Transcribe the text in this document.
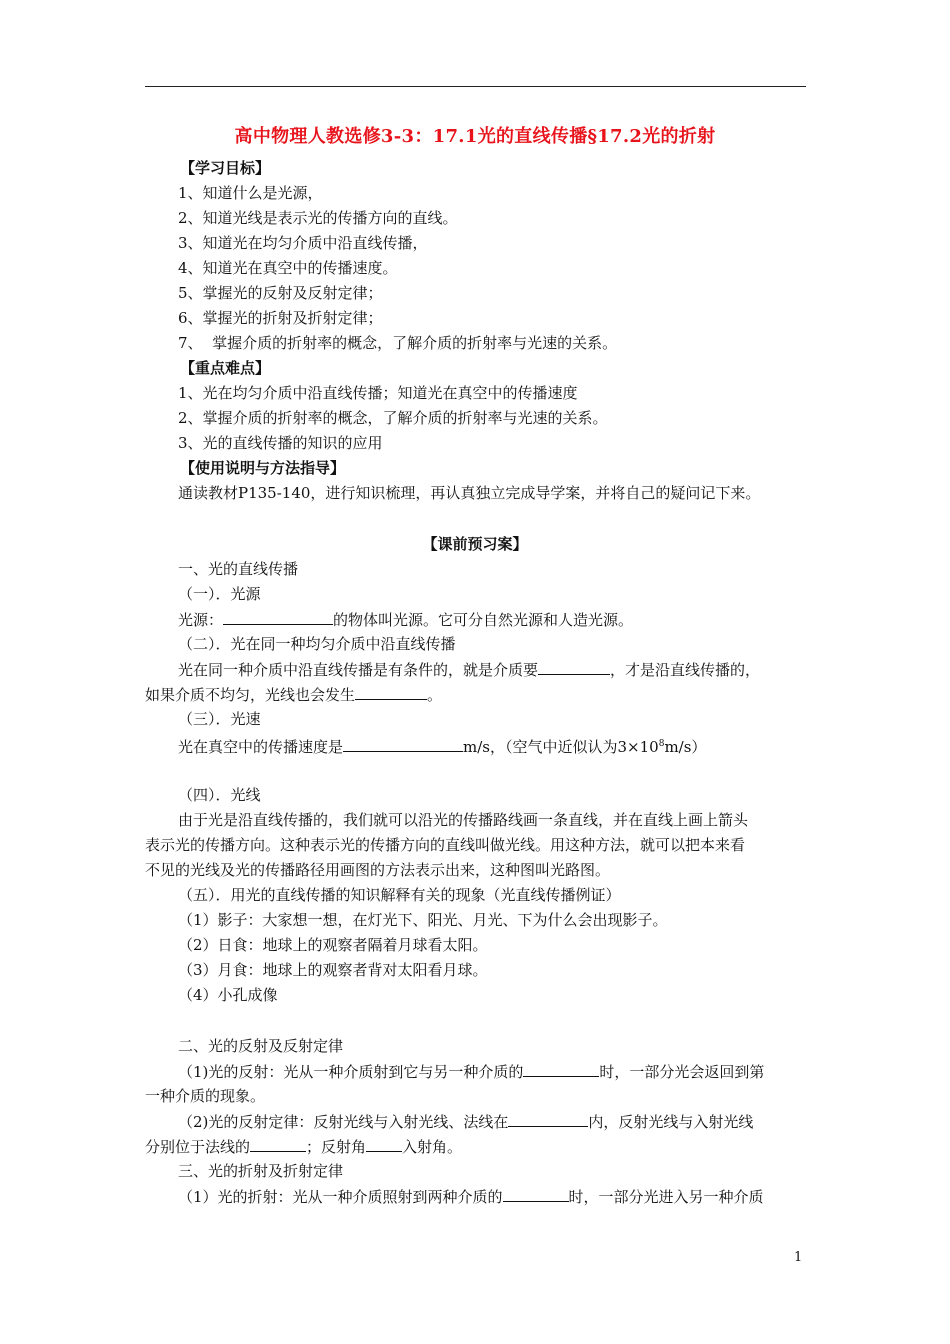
高中物理人教选修3-3：17.1光的直线传播§17.2光的折射
【学习目标】
1、知道什么是光源，
2、知道光线是表示光的传播方向的直线。
3、知道光在均匀介质中沿直线传播，
4、知道光在真空中的传播速度。
5、掌握光的反射及反射定律；
6、掌握光的折射及折射定律；
7、  掌握介质的折射率的概念，了解介质的折射率与光速的关系。
【重点难点】
1、光在均匀介质中沿直线传播；知道光在真空中的传播速度
2、掌握介质的折射率的概念，了解介质的折射率与光速的关系。
3、光的直线传播的知识的应用
【使用说明与方法指导】
通读教材P135-140，进行知识梳理，再认真独立完成导学案，并将自己的疑问记下来。
【课前预习案】
一、光的直线传播
（一）．光源
光源：	的物体叫光源。它可分自然光源和人造光源。
（二）．光在同一种均匀介质中沿直线传播
光在同一种介质中沿直线传播是有条件的，就是介质要	，才是沿直线传播的，
如果介质不均匀，光线也会发生	。
（三）．光速
光在真空中的传播速度是	m/s，（空气中近似认为$3\times 10^8m/s$）
（四）．光线
由于光是沿直线传播的，我们就可以沿光的传播路线画一条直线，并在直线上画上箭头
表示光的传播方向。这种表示光的传播方向的直线叫做光线。用这种方法，就可以把本来看
不见的光线及光的传播路径用画图的方法表示出来，这种图叫光路图。
（五）．用光的直线传播的知识解释有关的现象（光直线传播例证）
（1）影子：大家想一想，在灯光下、阳光、月光、下为什么会出现影子。
（2）日食：地球上的观察者隔着月球看太阳。
（3）月食：地球上的观察者背对太阳看月球。
（4）小孔成像
二、光的反射及反射定律
（1)光的反射：光从一种介质射到它与另一种介质的	时，一部分光会返回到第
一种介质的现象。
（2)光的反射定律：反射光线与入射光线、法线在	内，反射光线与入射光线
分别位于法线的	；反射角 入射角。
三、光的折射及折射定律
（1）光的折射：光从一种介质照射到两种介质的	时，一部分光进入另一种介质
1
